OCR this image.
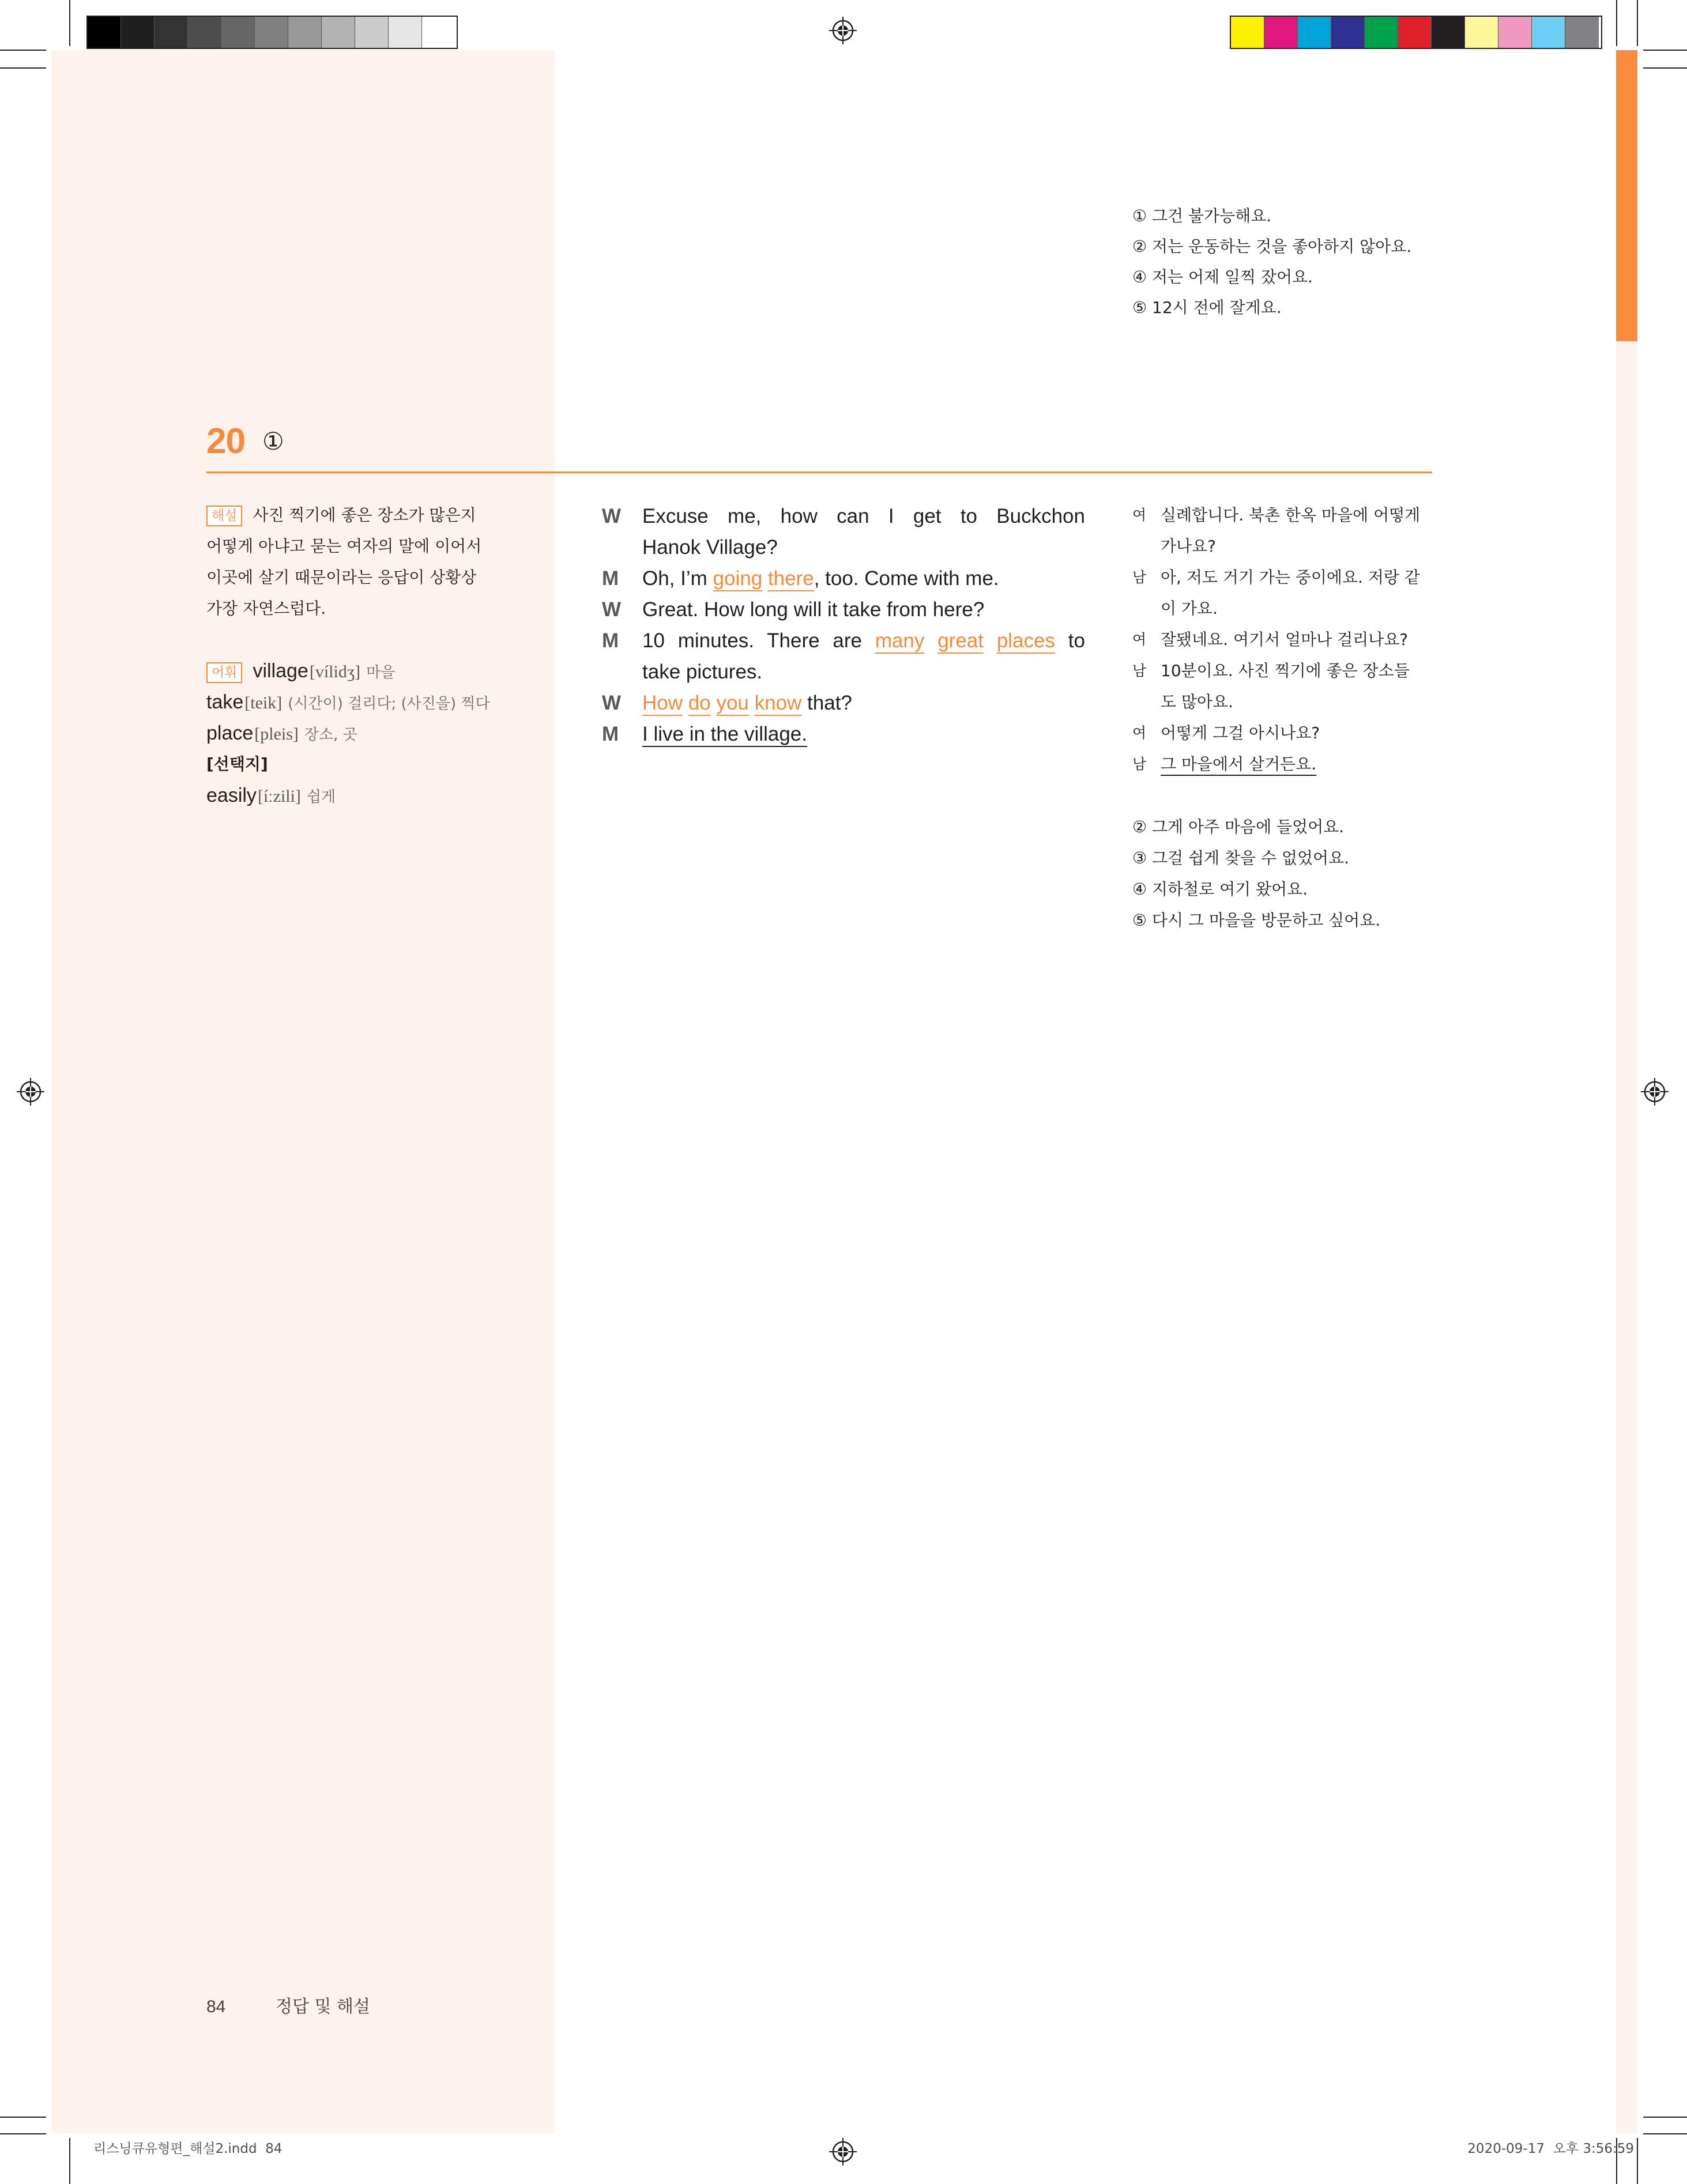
① 그건 불가능해요.
② 저는 운동하는 것을 좋아하지 않아요.
④ 저는 어제 일찍 잤어요.
⑤ 12시 전에 잘게요.
20 ①
해설 사진 찍기에 좋은 장소가 많은지
어떻게 아냐고 묻는 여자의 말에 이어서
이곳에 살기 때문이라는 응답이 상황상
가장 자연스럽다.
어휘 village[vílidʒ] 마을
take[teik] (시간이) 걸리다; (사진을) 찍다
place[pleis] 장소, 곳
[선택지]
easily[íːzili] 쉽게
W Excuse me, how can I get to Buckchon
Hanok Village?
M Oh, I’m going there, too. Come with me.
W Great. How long will it take from here?
M 10 minutes. There are many great places to
take pictures.
W How do you know that?
M I live in the village.
여 실례합니다. 북촌 한옥 마을에 어떻게
가나요?
남 아, 저도 거기 가는 중이에요. 저랑 같
이 가요.
여 잘됐네요. 여기서 얼마나 걸리나요?
남 10분이요. 사진 찍기에 좋은 장소들
도 많아요.
여 어떻게 그걸 아시나요?
남 그 마을에서 살거든요.
② 그게 아주 마음에 들었어요.
③ 그걸 쉽게 찾을 수 없었어요.
④ 지하철로 여기 왔어요.
⑤ 다시 그 마을을 방문하고 싶어요.
84	정답 및 해설
리스닝큐유형편_해설2.indd  84	2020-09-17  오후 3:56:59
